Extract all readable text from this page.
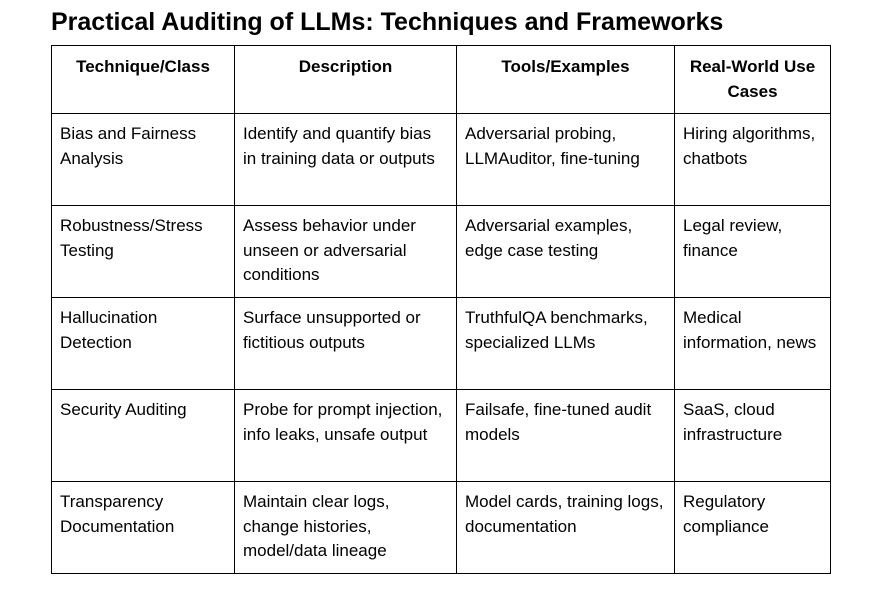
Practical Auditing of LLMs: Techniques and Frameworks
Technique/Class	Description	Tools/Examples	Real-World Use Cases
Bias and Fairness Analysis	Identify and quantify bias in training data or outputs	Adversarial probing, LLMAuditor, fine-tuning	Hiring algorithms, chatbots
Robustness/Stress Testing	Assess behavior under unseen or adversarial conditions	Adversarial examples, edge case testing	Legal review, finance
Hallucination Detection	Surface unsupported or fictitious outputs	TruthfulQA benchmarks, specialized LLMs	Medical information, news
Security Auditing	Probe for prompt injection, info leaks, unsafe output	Failsafe, fine-tuned audit models	SaaS, cloud infrastructure
Transparency Documentation	Maintain clear logs, change histories, model/data lineage	Model cards, training logs, documentation	Regulatory compliance
